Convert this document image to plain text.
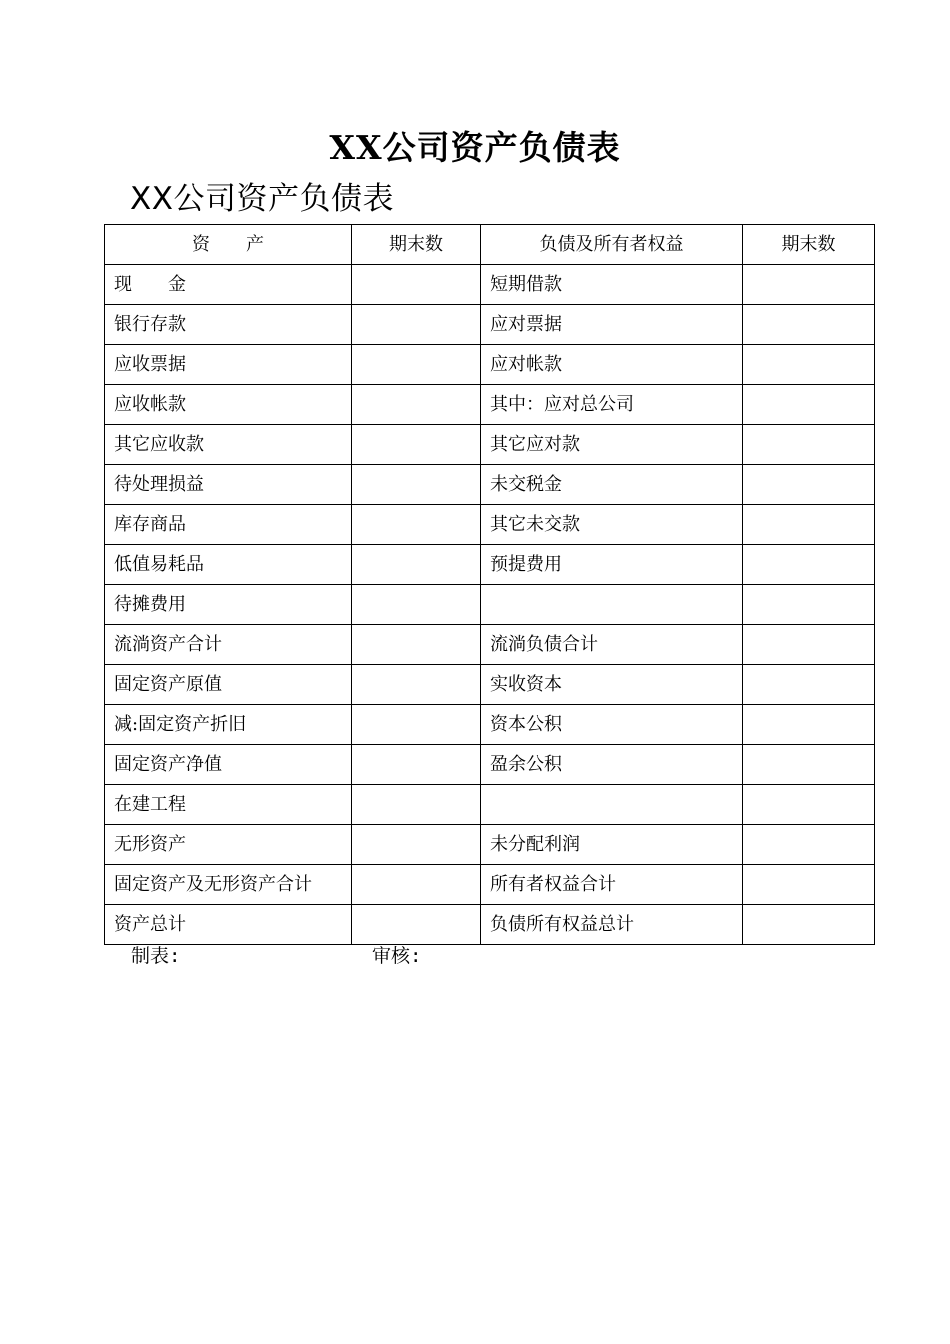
XX公司资产负债表
XX公司资产负债表
资　　产	期末数	负债及所有者权益	期末数
现　　金		短期借款	
银行存款		应对票据	
应收票据		应对帐款	
应收帐款		其中：应对总公司	
其它应收款		其它应对款	
待处理损益		未交税金	
库存商品		其它未交款	
低值易耗品		预提费用	
待摊费用			
流淌资产合计		流淌负债合计	
固定资产原值		实收资本	
减:固定资产折旧		资本公积	
固定资产净值		盈余公积	
在建工程			
无形资产		未分配利润	
固定资产及无形资产合计		所有者权益合计	
资产总计		负债所有权益总计	
制表:	审核:
